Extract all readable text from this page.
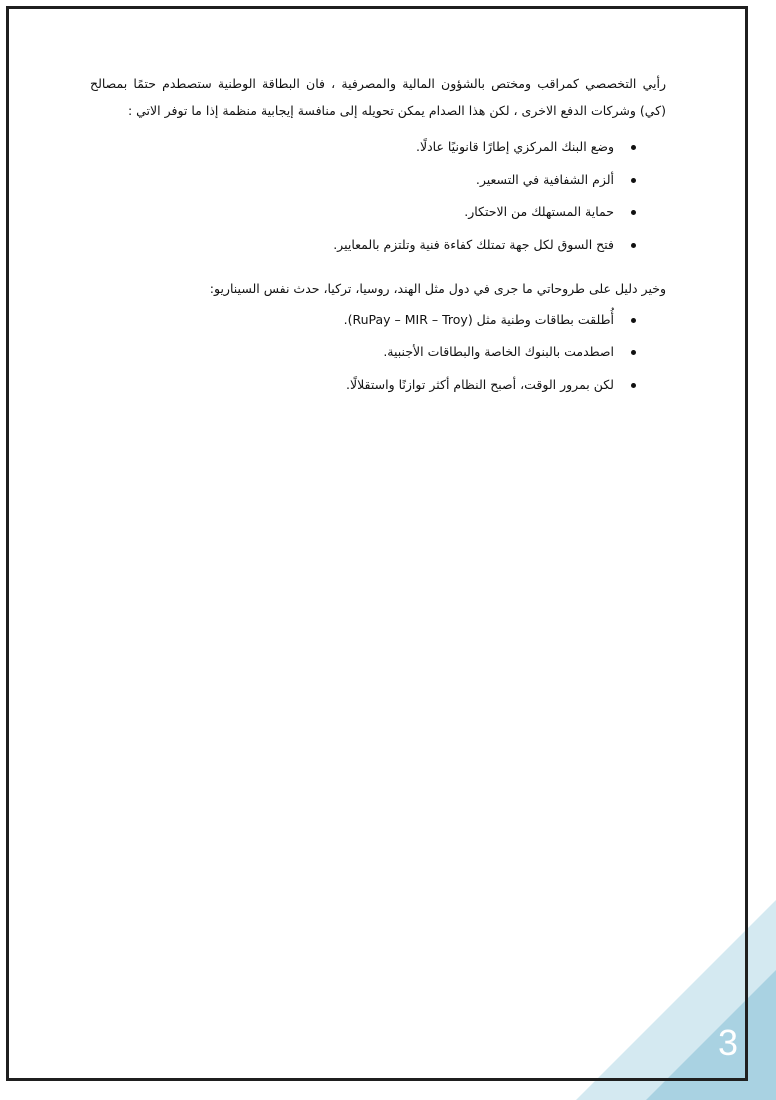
3

رأيي التخصصي كمراقب ومختص بالشؤون المالية والمصرفية ، فان البطاقة الوطنية ستصطدم حتمًا بمصالح (كي) وشركات الدفع الاخرى ، لكن هذا الصدام يمكن تحويله إلى منافسة إيجابية منظمة إذا ما توفر الاتي :

وضع البنك المركزي إطارًا قانونيًا عادلًا.
ألزم الشفافية في التسعير.
حماية المستهلك من الاحتكار.
فتح السوق لكل جهة تمتلك كفاءة فنية وتلتزم بالمعايير.

وخير دليل على طروحاتي ما جرى في دول مثل الهند، روسيا، تركيا، حدث نفس السيناريو:

أُطلقت بطاقات وطنية مثل (RuPay – MIR – Troy).
اصطدمت بالبنوك الخاصة والبطاقات الأجنبية.
لكن بمرور الوقت، أصبح النظام أكثر توازنًا واستقلالًا.
